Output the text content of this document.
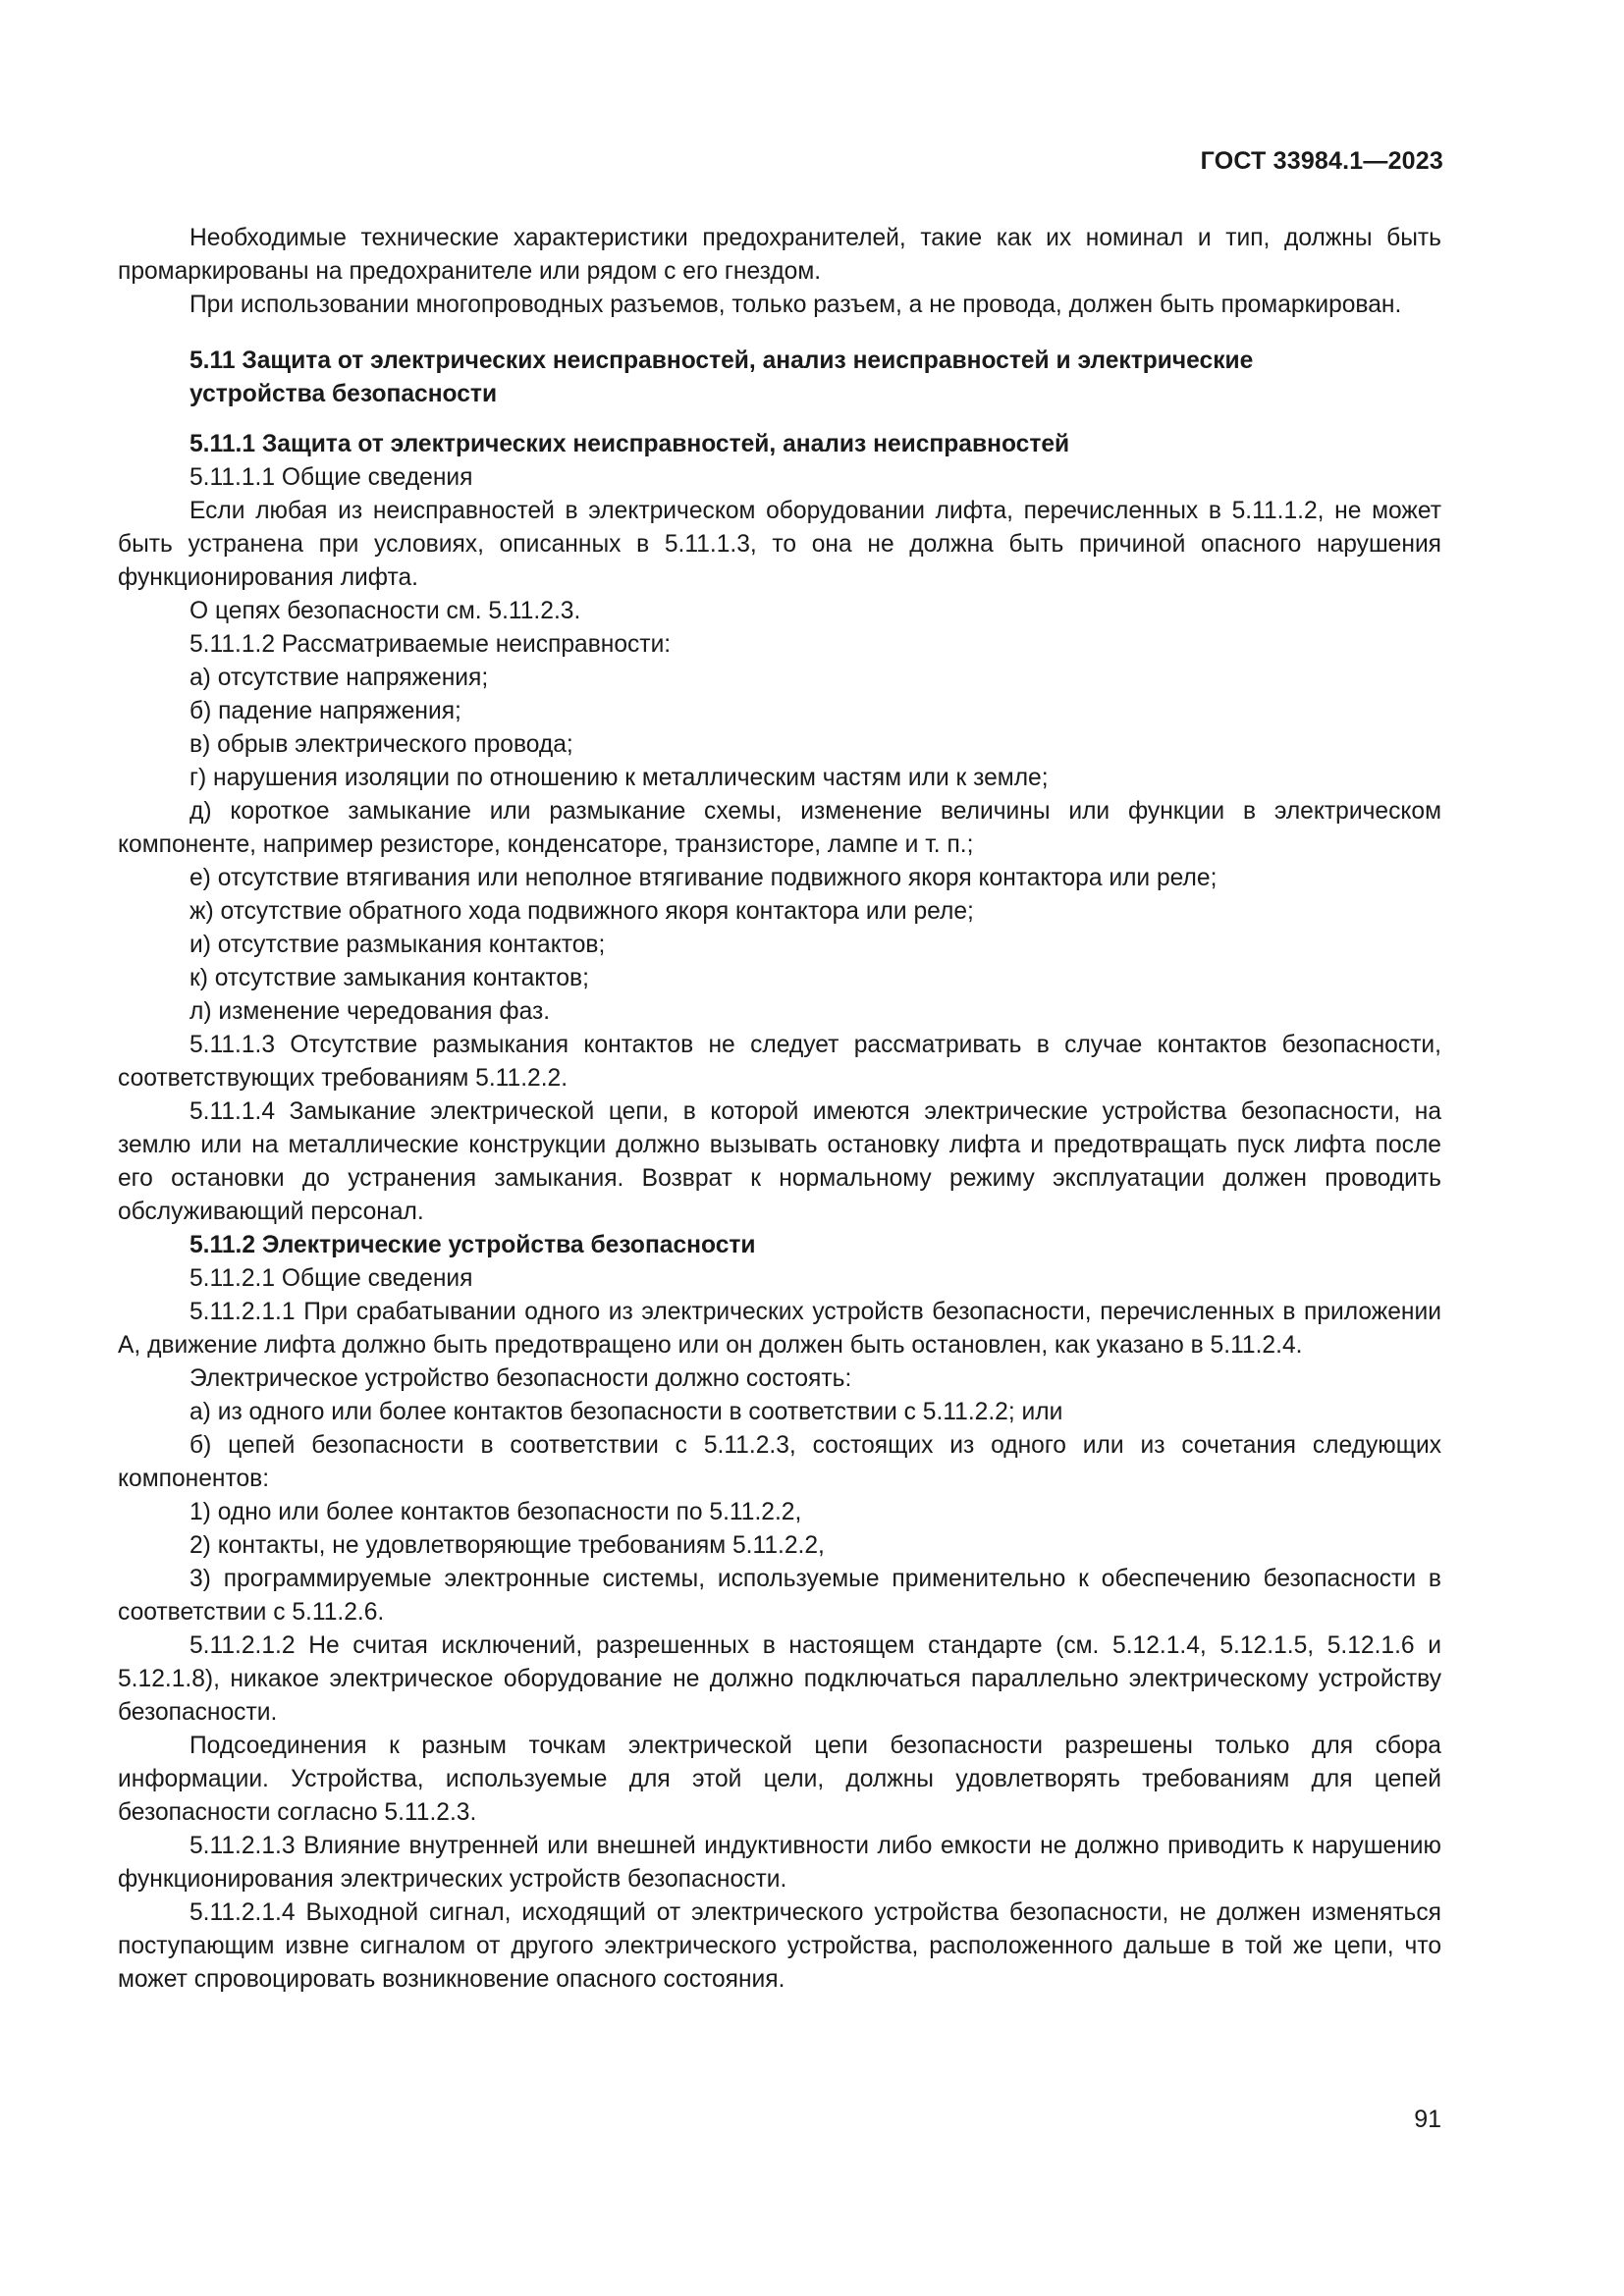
ГОСТ 33984.1—2023

Необходимые технические характеристики предохранителей, такие как их номинал и тип, должны быть промаркированы на предохранителе или рядом с его гнездом.

При использовании многопроводных разъемов, только разъем, а не провода, должен быть промаркирован.

5.11 Защита от электрических неисправностей, анализ неисправностей и электрические
устройства безопасности

5.11.1 Защита от электрических неисправностей, анализ неисправностей

5.11.1.1 Общие сведения

Если любая из неисправностей в электрическом оборудовании лифта, перечисленных в 5.11.1.2, не может быть устранена при условиях, описанных в 5.11.1.3, то она не должна быть причиной опасного нарушения функционирования лифта.

О цепях безопасности см. 5.11.2.3.

5.11.1.2 Рассматриваемые неисправности:

а) отсутствие напряжения;

б) падение напряжения;

в) обрыв электрического провода;

г) нарушения изоляции по отношению к металлическим частям или к земле;

д) короткое замыкание или размыкание схемы, изменение величины или функции в электрическом компоненте, например резисторе, конденсаторе, транзисторе, лампе и т. п.;

е) отсутствие втягивания или неполное втягивание подвижного якоря контактора или реле;

ж) отсутствие обратного хода подвижного якоря контактора или реле;

и) отсутствие размыкания контактов;

к) отсутствие замыкания контактов;

л) изменение чередования фаз.

5.11.1.3 Отсутствие размыкания контактов не следует рассматривать в случае контактов безопасности, соответствующих требованиям 5.11.2.2.

5.11.1.4 Замыкание электрической цепи, в которой имеются электрические устройства безопасности, на землю или на металлические конструкции должно вызывать остановку лифта и предотвращать пуск лифта после его остановки до устранения замыкания. Возврат к нормальному режиму эксплуатации должен проводить обслуживающий персонал.

5.11.2 Электрические устройства безопасности

5.11.2.1 Общие сведения

5.11.2.1.1 При срабатывании одного из электрических устройств безопасности, перечисленных в приложении А, движение лифта должно быть предотвращено или он должен быть остановлен, как указано в 5.11.2.4.

Электрическое устройство безопасности должно состоять:

а) из одного или более контактов безопасности в соответствии с 5.11.2.2; или

б) цепей безопасности в соответствии с 5.11.2.3, состоящих из одного или из сочетания следующих компонентов:

1) одно или более контактов безопасности по 5.11.2.2,

2) контакты, не удовлетворяющие требованиям 5.11.2.2,

3) программируемые электронные системы, используемые применительно к обеспечению безопасности в соответствии с 5.11.2.6.

5.11.2.1.2 Не считая исключений, разрешенных в настоящем стандарте (см. 5.12.1.4, 5.12.1.5, 5.12.1.6 и 5.12.1.8), никакое электрическое оборудование не должно подключаться параллельно электрическому устройству безопасности.

Подсоединения к разным точкам электрической цепи безопасности разрешены только для сбора информации. Устройства, используемые для этой цели, должны удовлетворять требованиям для цепей безопасности согласно 5.11.2.3.

5.11.2.1.3 Влияние внутренней или внешней индуктивности либо емкости не должно приводить к нарушению функционирования электрических устройств безопасности.

5.11.2.1.4 Выходной сигнал, исходящий от электрического устройства безопасности, не должен изменяться поступающим извне сигналом от другого электрического устройства, расположенного дальше в той же цепи, что может спровоцировать возникновение опасного состояния.

91
